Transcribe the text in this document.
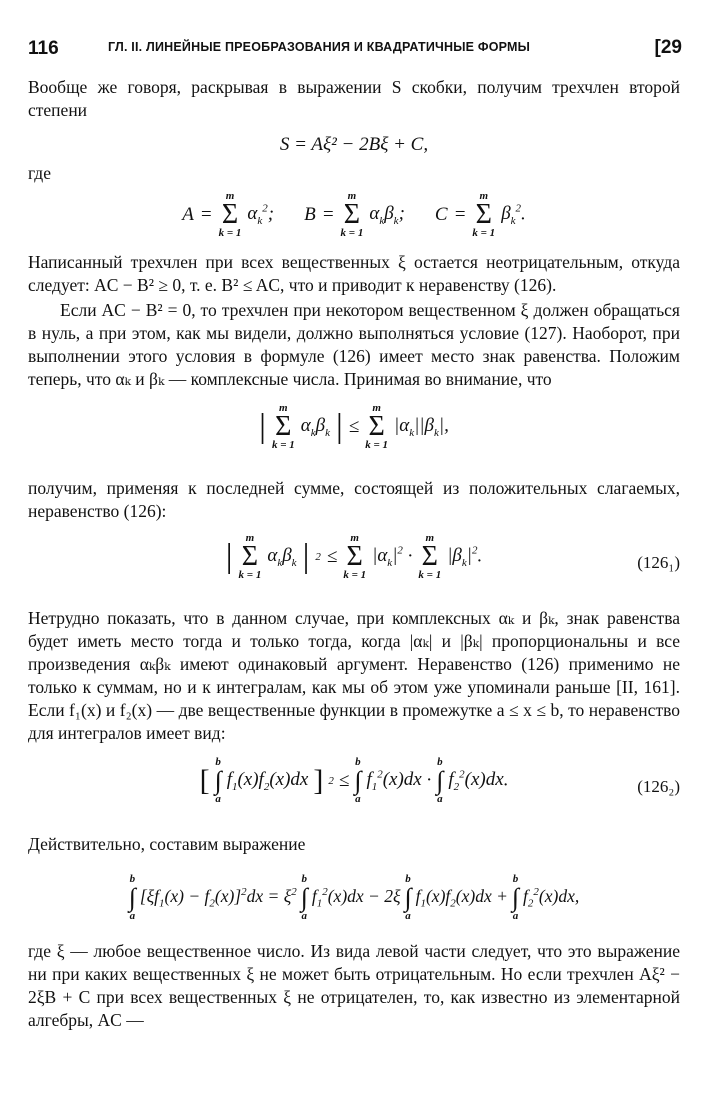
116	ГЛ. II. ЛИНЕЙНЫЕ ПРЕОБРАЗОВАНИЯ И КВАДРАТИЧНЫЕ ФОРМЫ	[29

Вообще же говоря, раскрывая в выражении S скобки, получим трехчлен второй степени

S = Aξ² − 2Bξ + C,

где

A =
m
Σ
k = 1
$\alpha_k^2$; B =
m
Σ
k = 1
$\alpha_k\beta_k$; C =
m
Σ
k = 1
$\beta_k^2$.

Написанный трехчлен при всех вещественных ξ остается неотрицательным, откуда следует: AC − B² ≥ 0, т. е. B² ≤ AC, что и приводит к неравенству (126).

Если AC − B² = 0, то трехчлен при некотором вещественном ξ должен обращаться в нуль, а при этом, как мы видели, должно выполняться условие (127). Наоборот, при выполнении этого условия в формуле (126) имеет место знак равенства. Положим теперь, что αₖ и βₖ — комплексные числа. Принимая во внимание, что

| m
Σ
k = 1
$\alpha_k\beta_k$ | ≤
m
Σ
k = 1
$|\alpha_k||\beta_k|$,

получим, применяя к последней сумме, состоящей из положительных слагаемых, неравенство (126):

| m
Σ
k = 1
$\alpha_k\beta_k$ | 2 ≤
m
Σ
k = 1
$|\alpha_k|^2$ ·
m
Σ
k = 1
$|\beta_k|^2$.	(126₁)

Нетрудно показать, что в данном случае, при комплексных αₖ и βₖ, знак равенства будет иметь место тогда и только тогда, когда |αₖ| и |βₖ| пропорциональны и все произведения αₖβₖ имеют одинаковый аргумент. Неравенство (126) применимо не только к суммам, но и к интегралам, как мы об этом уже упоминали раньше [II, 161]. Если f₁(x) и f₂(x) — две вещественные функции в промежутке a ≤ x ≤ b, то неравенство для интегралов имеет вид:

[
b
∫
a
$f_1(x)f_2(x)dx$ ] 2 ≤
b
∫
a
$f_1^2(x)dx$ ·
b
∫
a
$f_2^2(x)dx$.	(126₂)

Действительно, составим выражение

b
∫
a
$[\xi f_1(x) - f_2(x)]^2dx = \xi^2$
b
∫
a
$f_1^2(x)dx - 2\xi$
b
∫
a
$f_1(x)f_2(x)dx$ +
b
∫
a
$f_2^2(x)dx$,

где ξ — любое вещественное число. Из вида левой части следует, что это выражение ни при каких вещественных ξ не может быть отрицательным. Но если трехчлен Aξ² − 2ξB + C при всех вещественных ξ не отрицателен, то, как известно из элементарной алгебры, AC —
